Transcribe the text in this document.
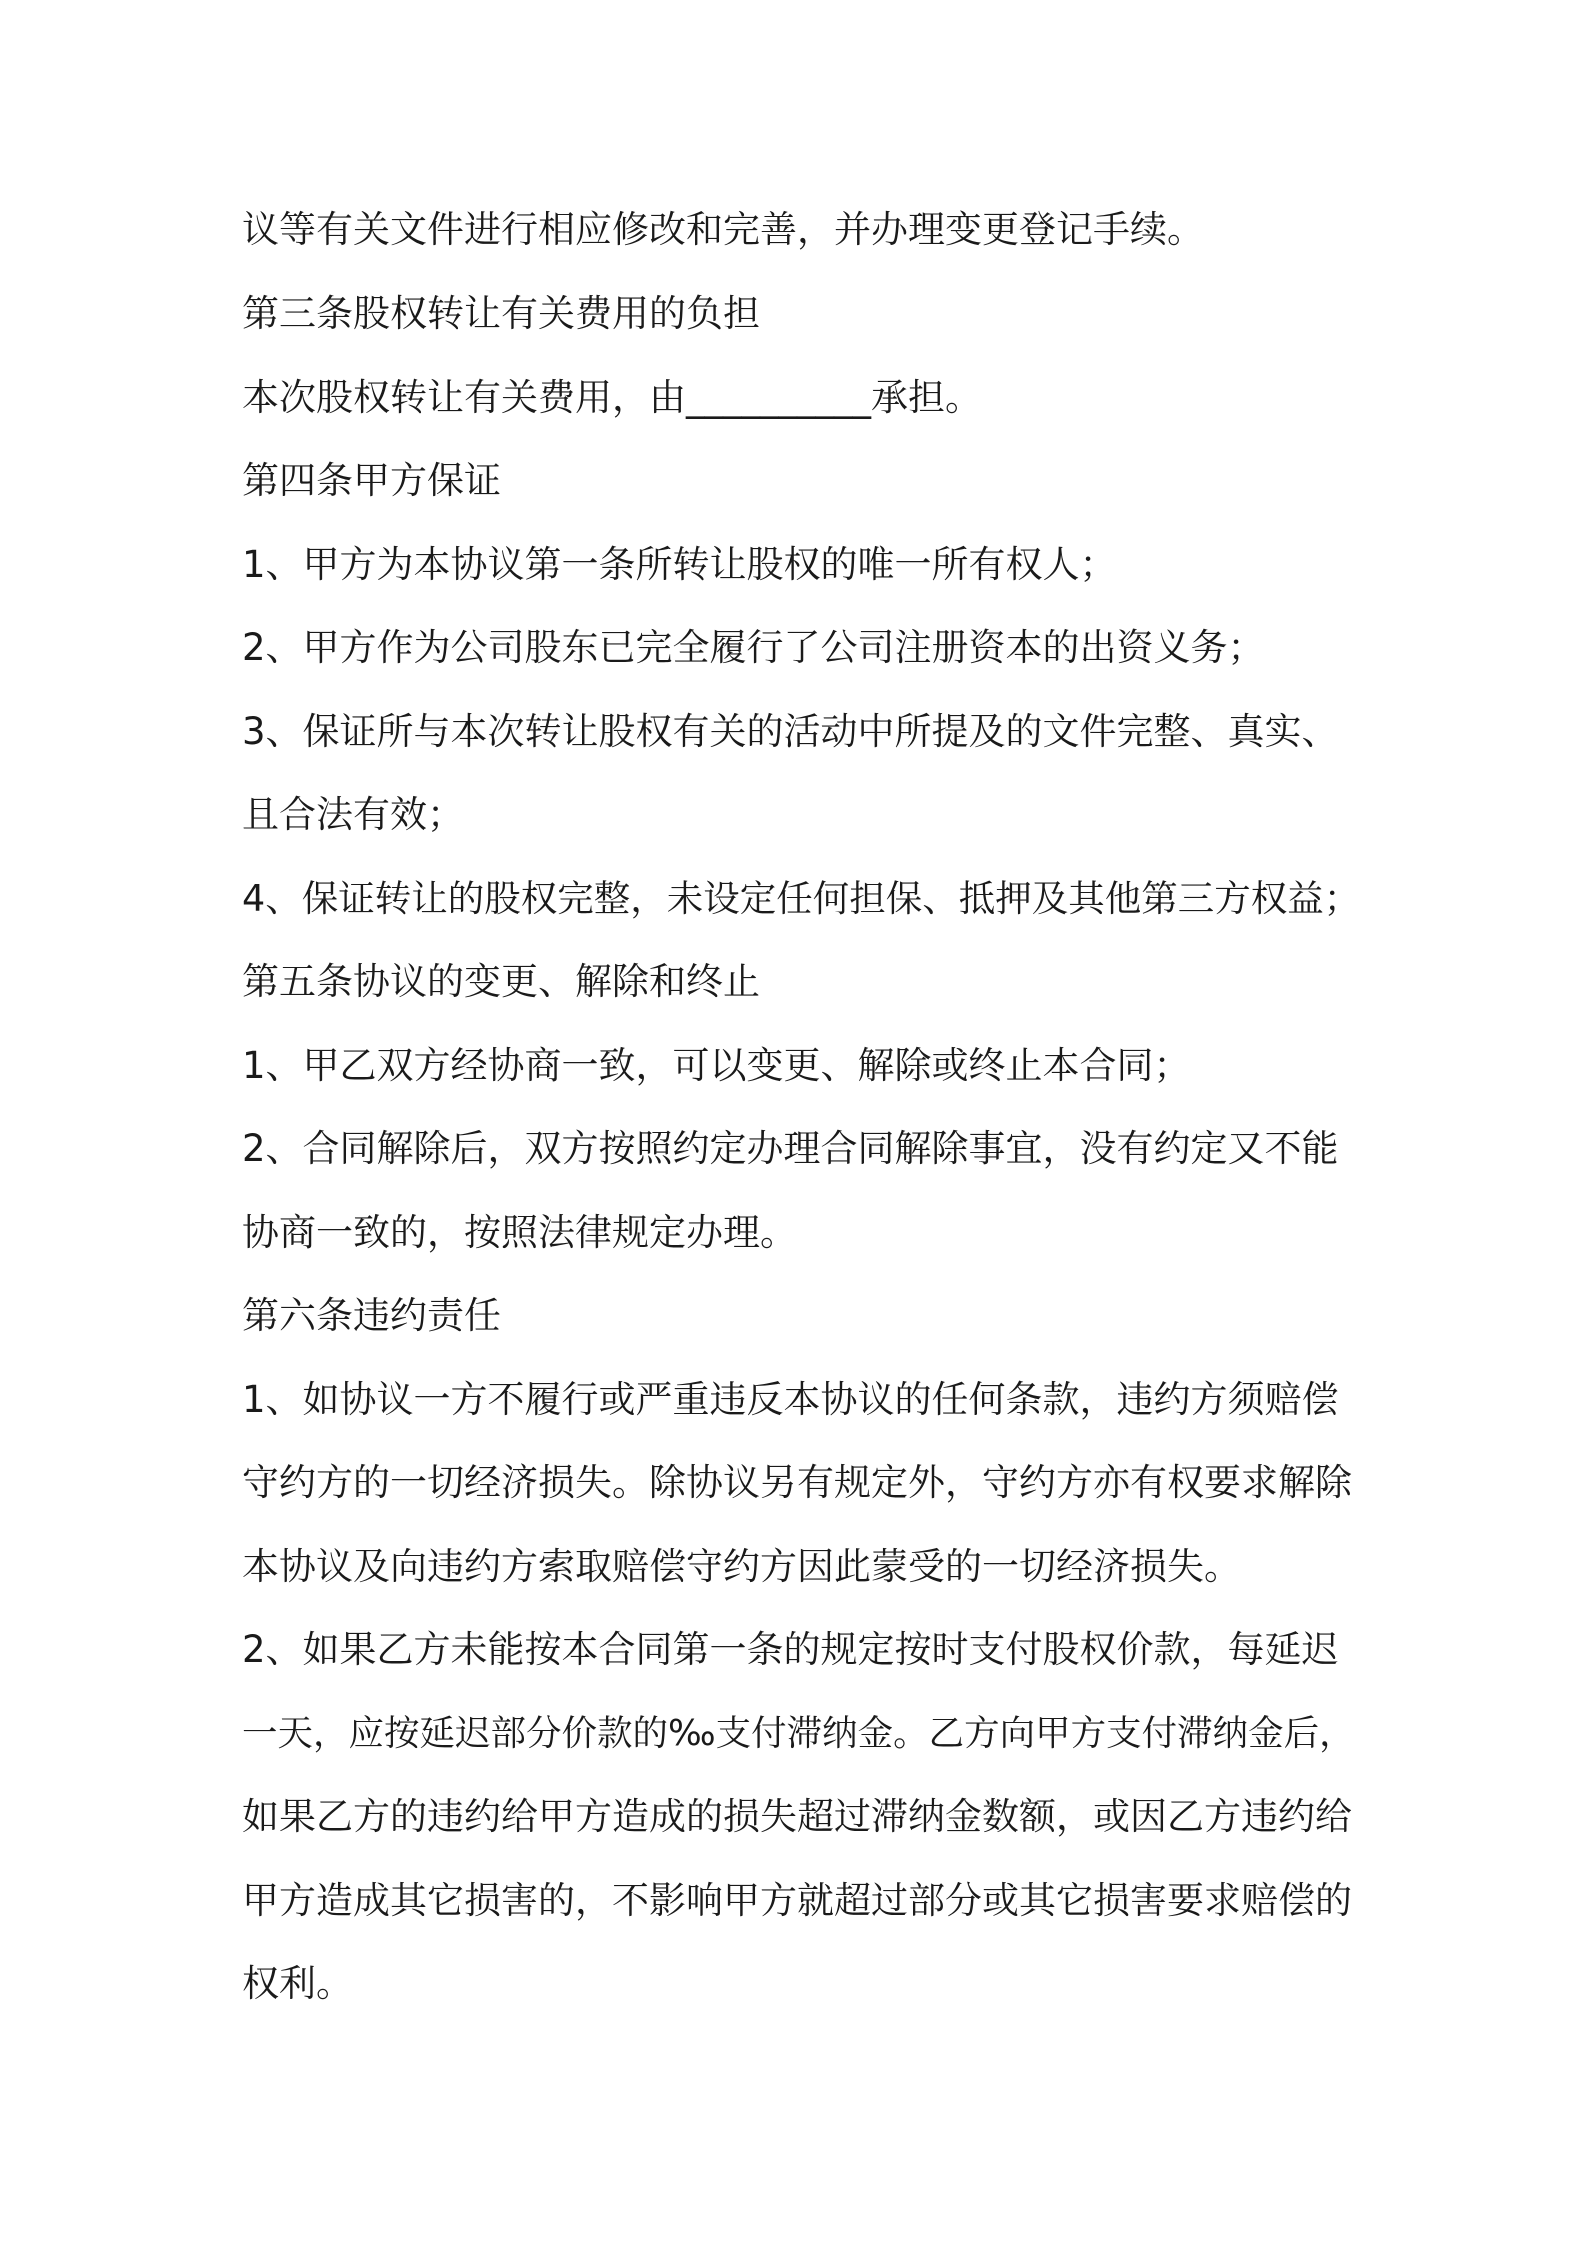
议等有关文件进行相应修改和完善，并办理变更登记手续。

第三条股权转让有关费用的负担

本次股权转让有关费用，由__________承担。

第四条甲方保证

1、甲方为本协议第一条所转让股权的唯一所有权人；

2、甲方作为公司股东已完全履行了公司注册资本的出资义务；

3、保证所与本次转让股权有关的活动中所提及的文件完整、真实、

且合法有效；

4、保证转让的股权完整，未设定任何担保、抵押及其他第三方权益；

第五条协议的变更、解除和终止

1、甲乙双方经协商一致，可以变更、解除或终止本合同；

2、合同解除后，双方按照约定办理合同解除事宜，没有约定又不能

协商一致的，按照法律规定办理。

第六条违约责任

1、如协议一方不履行或严重违反本协议的任何条款，违约方须赔偿

守约方的一切经济损失。除协议另有规定外，守约方亦有权要求解除

本协议及向违约方索取赔偿守约方因此蒙受的一切经济损失。

2、如果乙方未能按本合同第一条的规定按时支付股权价款，每延迟

一天，应按延迟部分价款的‰支付滞纳金。乙方向甲方支付滞纳金后，

如果乙方的违约给甲方造成的损失超过滞纳金数额，或因乙方违约给

甲方造成其它损害的，不影响甲方就超过部分或其它损害要求赔偿的

权利。
